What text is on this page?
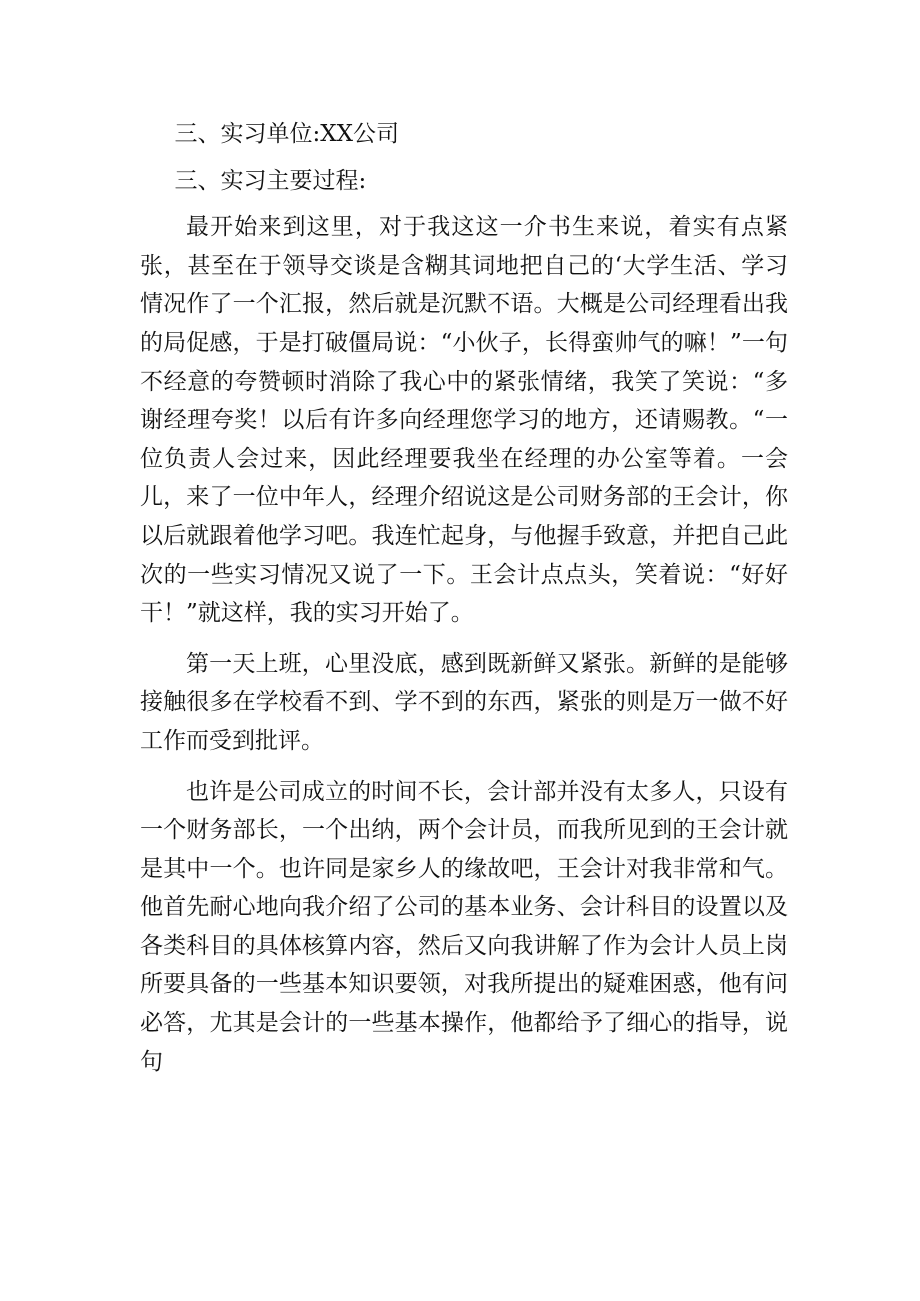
三、实习单位:XX公司

三、实习主要过程:

最开始来到这里，对于我这这一介书生来说，着实有点紧张，甚至在于领导交谈是含糊其词地把自己的‘大学生活、学习情况作了一个汇报，然后就是沉默不语。大概是公司经理看出我的局促感，于是打破僵局说：“小伙子，长得蛮帅气的嘛！”一句不经意的夸赞顿时消除了我心中的紧张情绪，我笑了笑说：“多谢经理夸奖！以后有许多向经理您学习的地方，还请赐教。“一位负责人会过来，因此经理要我坐在经理的办公室等着。一会儿，来了一位中年人，经理介绍说这是公司财务部的王会计，你以后就跟着他学习吧。我连忙起身，与他握手致意，并把自己此次的一些实习情况又说了一下。王会计点点头，笑着说：“好好干！”就这样，我的实习开始了。

第一天上班，心里没底，感到既新鲜又紧张。新鲜的是能够接触很多在学校看不到、学不到的东西，紧张的则是万一做不好工作而受到批评。

也许是公司成立的时间不长，会计部并没有太多人，只设有一个财务部长，一个出纳，两个会计员，而我所见到的王会计就是其中一个。也许同是家乡人的缘故吧，王会计对我非常和气。他首先耐心地向我介绍了公司的基本业务、会计科目的设置以及各类科目的具体核算内容，然后又向我讲解了作为会计人员上岗所要具备的一些基本知识要领，对我所提出的疑难困惑，他有问必答，尤其是会计的一些基本操作，他都给予了细心的指导，说句
